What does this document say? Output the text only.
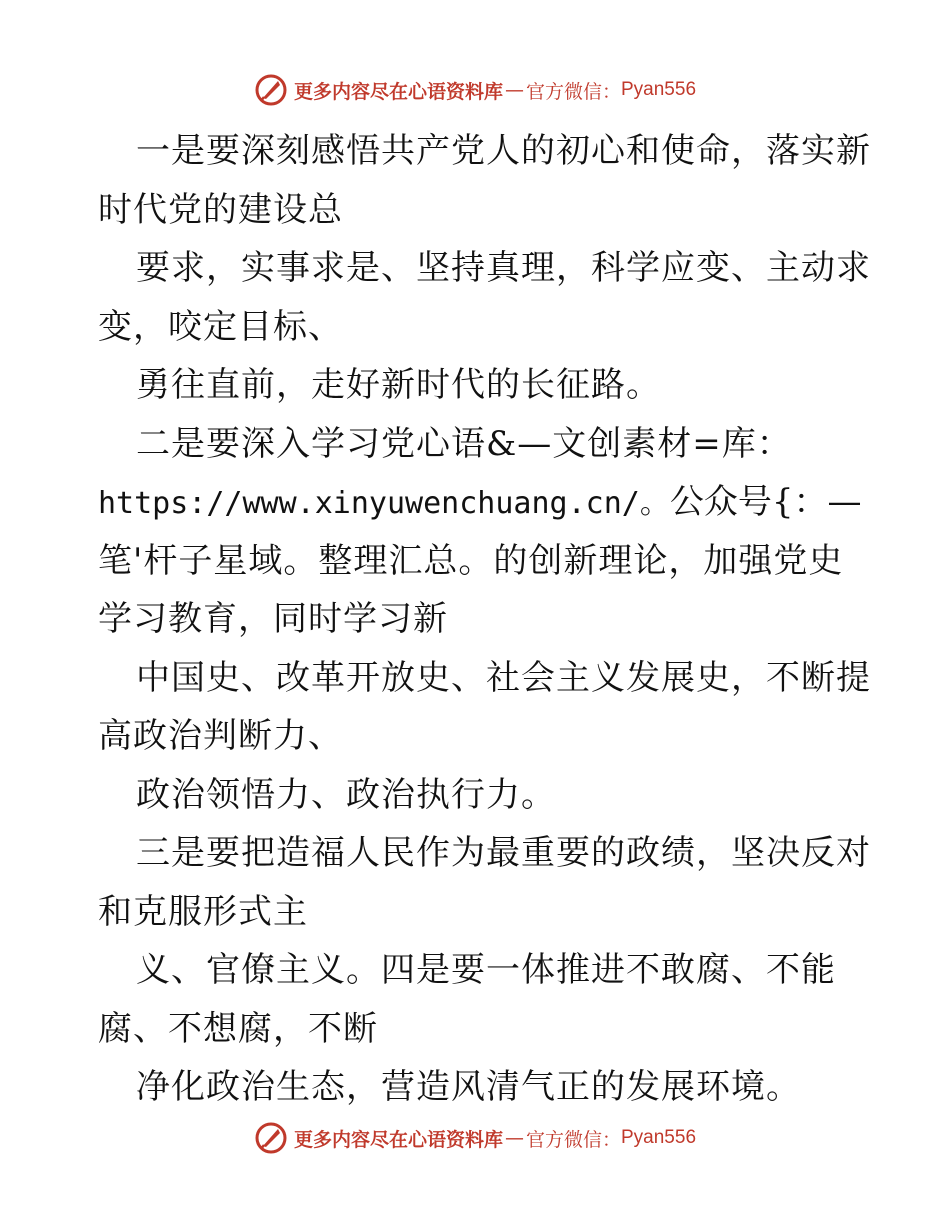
更多内容尽在心语资料库 — 官方微信： Pyan556
一是要深刻感悟共产党人的初心和使命，落实新
时代党的建设总
要求，实事求是、坚持真理，科学应变、主动求
变，咬定目标、
勇往直前，走好新时代的长征路。
二是要深入学习党心语&—文创素材=库：
https://www.xinyuwenchuang.cn/。公众号{：—
笔'杆子星域。整理汇总。的创新理论，加强党史
学习教育，同时学习新
中国史、改革开放史、社会主义发展史，不断提
高政治判断力、
政治领悟力、政治执行力。
三是要把造福人民作为最重要的政绩，坚决反对
和克服形式主
义、官僚主义。四是要一体推进不敢腐、不能
腐、不想腐，不断
净化政治生态，营造风清气正的发展环境。
更多内容尽在心语资料库 — 官方微信： Pyan556
